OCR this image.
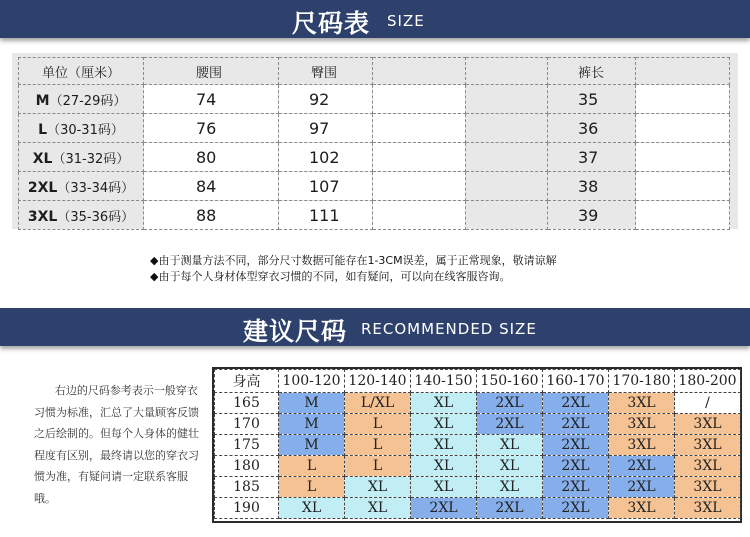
尺码表 SIZE
单位（厘米）	腰围	臀围			裤长	
M（27-29码）	74	92			35	
L（30-31码）	76	97			36	
XL（31-32码）	80	102			37	
2XL（33-34码）	84	107			38	
3XL（35-36码）	88	111			39	
◆由于测量方法不同，部分尺寸数据可能存在1-3CM误差，属于正常现象，敬请谅解
◆由于每个人身材体型穿衣习惯的不同，如有疑问，可以向在线客服咨询。
建议尺码 RECOMMENDED SIZE
右边的尺码参考表示一般穿衣习惯为标准，汇总了大量顾客反馈之后绘制的。但每个人身体的健壮程度有区别，最终请以您的穿衣习惯为准，有疑问请一定联系客服哦。
身高	100-120	120-140	140-150	150-160	160-170	170-180	180-200
165	M	L/XL	XL	2XL	2XL	3XL	/
170	M	L	XL	2XL	2XL	3XL	3XL
175	M	L	XL	XL	2XL	3XL	3XL
180	L	L	XL	XL	2XL	2XL	3XL
185	L	XL	XL	XL	2XL	2XL	3XL
190	XL	XL	2XL	2XL	2XL	3XL	3XL
